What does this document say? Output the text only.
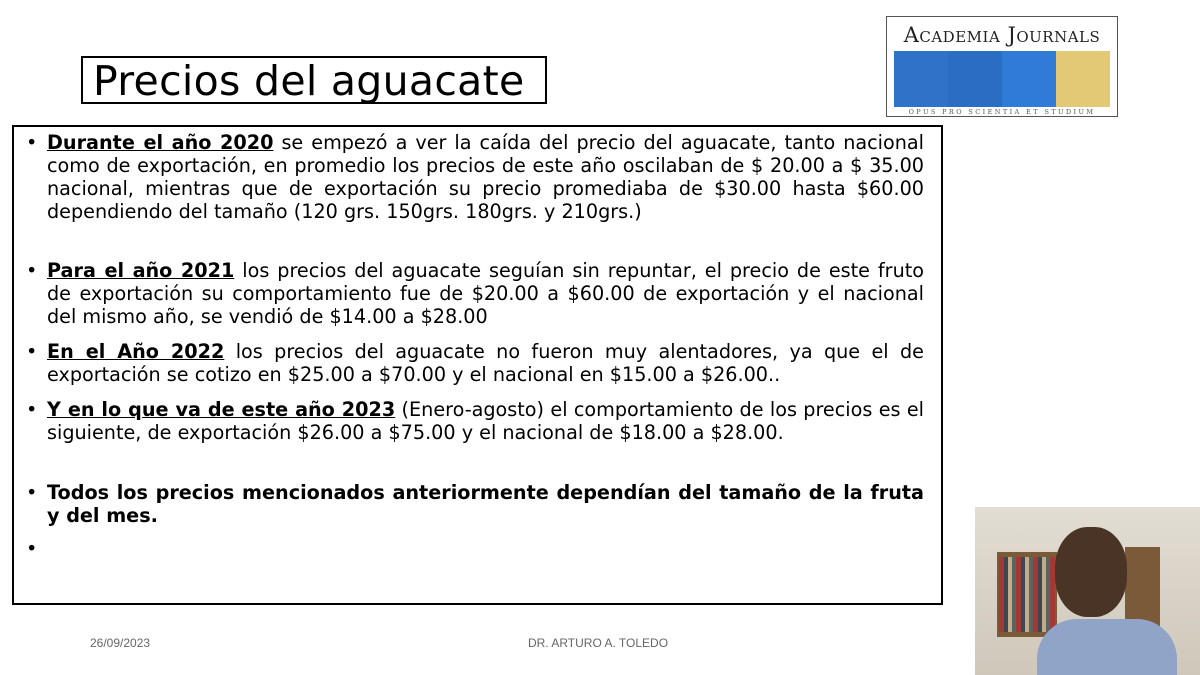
Precios del aguacate
Academia Journals
OPUS PRO SCIENTIA ET STUDIUM
• Durante el año 2020 se empezó a ver la caída del precio del aguacate, tanto nacional como de exportación, en promedio los precios de este año oscilaban de $ 20.00 a $ 35.00 nacional, mientras que de exportación su precio promediaba de $30.00 hasta $60.00 dependiendo del tamaño (120 grs. 150grs. 180grs. y 210grs.)
• Para el año 2021 los precios del aguacate seguían sin repuntar, el precio de este fruto de exportación su comportamiento fue de $20.00 a $60.00 de exportación y el nacional del mismo año, se vendió de $14.00 a $28.00
• En el Año 2022 los precios del aguacate no fueron muy alentadores, ya que el de exportación se cotizo en $25.00 a $70.00 y el nacional en $15.00 a $26.00..
• Y en lo que va de este año 2023 (Enero-agosto) el comportamiento de los precios es el siguiente, de exportación $26.00 a $75.00 y el nacional de $18.00 a $28.00.
• Todos los precios mencionados anteriormente dependían del tamaño de la fruta y del mes.
•
26/09/2023	DR. ARTURO A. TOLEDO
